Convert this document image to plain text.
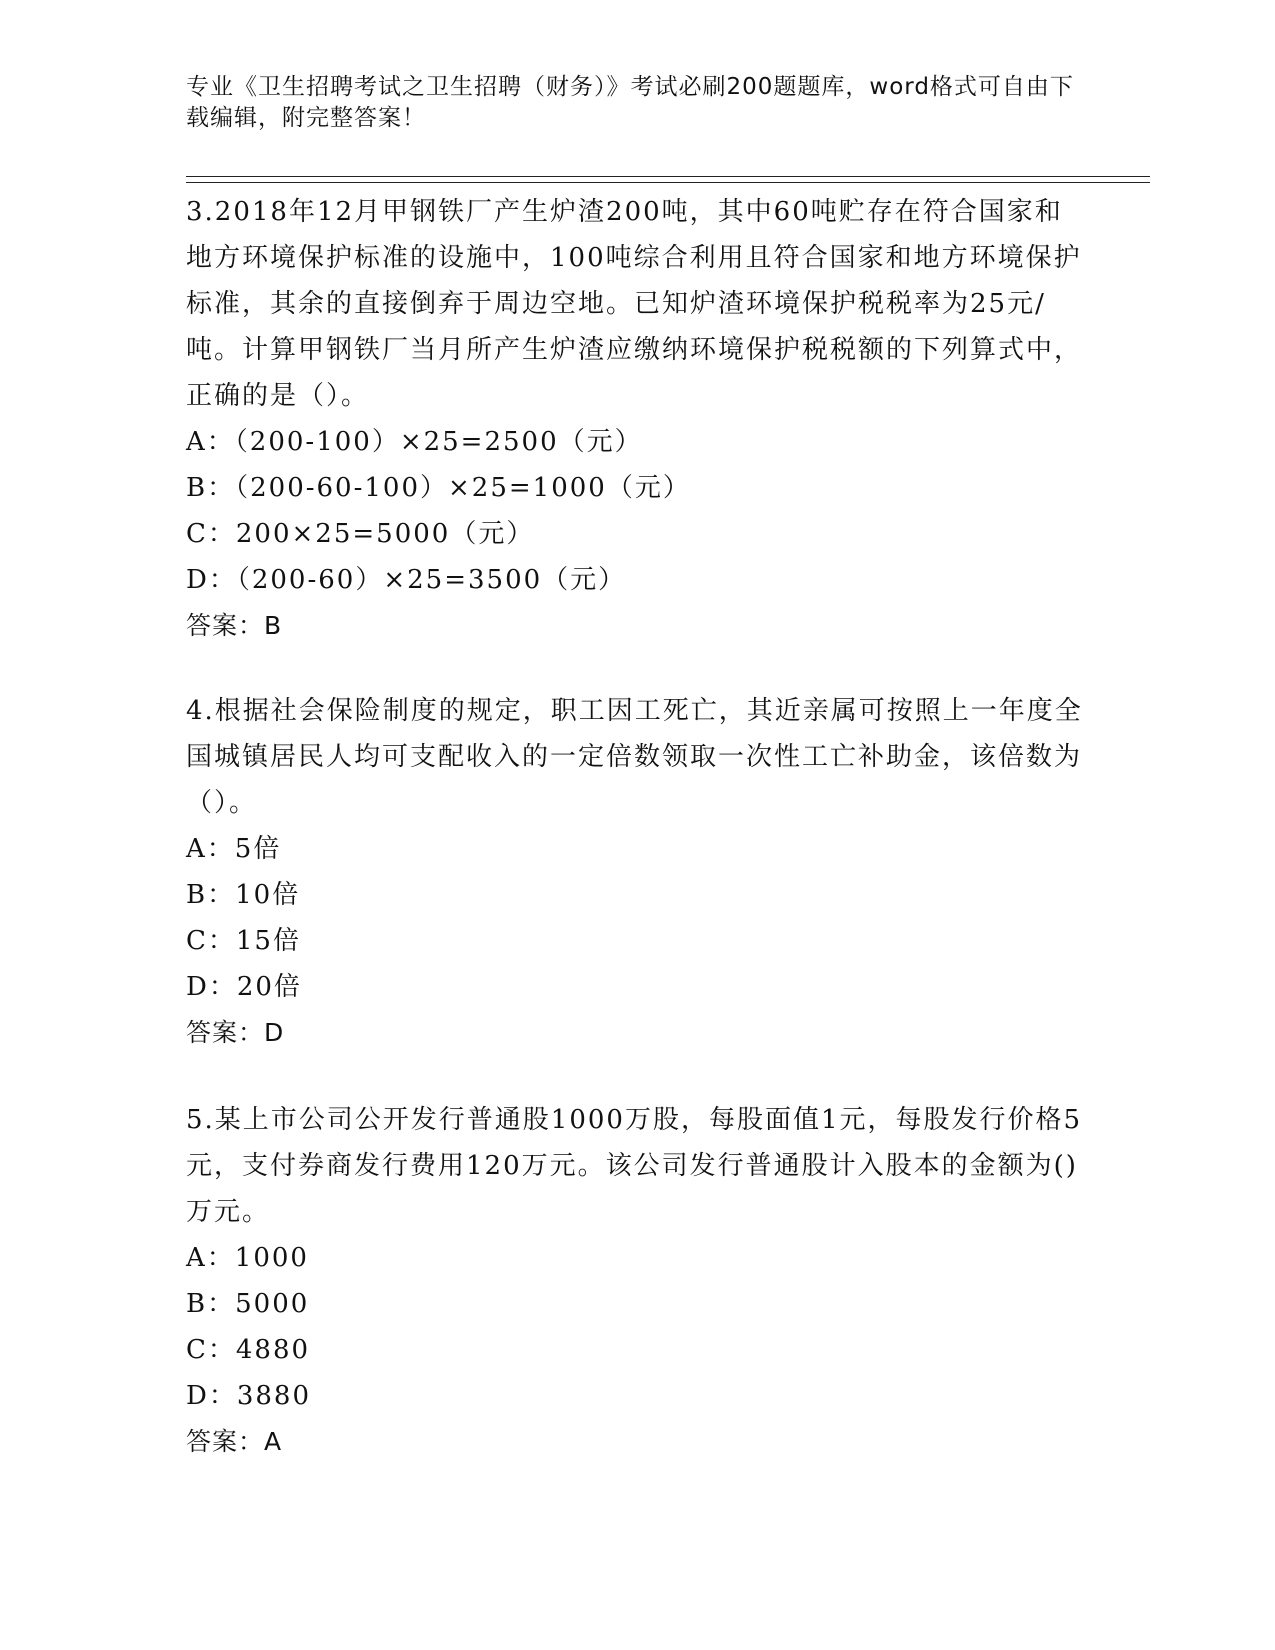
专业《卫生招聘考试之卫生招聘（财务）》考试必刷200题题库，word格式可自由下载编辑，附完整答案！

3.2018年12月甲钢铁厂产生炉渣200吨，其中60吨贮存在符合国家和地方环境保护标准的设施中，100吨综合利用且符合国家和地方环境保护标准，其余的直接倒弃于周边空地。已知炉渣环境保护税税率为25元/吨。计算甲钢铁厂当月所产生炉渣应缴纳环境保护税税额的下列算式中，正确的是（）。

A：（200-100）×25=2500（元）

B：（200-60-100）×25=1000（元）

C：200×25=5000（元）

D：（200-60）×25=3500（元）

答案：B

4.根据社会保险制度的规定，职工因工死亡，其近亲属可按照上一年度全国城镇居民人均可支配收入的一定倍数领取一次性工亡补助金，该倍数为（）。

A：5倍

B：10倍

C：15倍

D：20倍

答案：D

5.某上市公司公开发行普通股1000万股，每股面值1元，每股发行价格5元，支付券商发行费用120万元。该公司发行普通股计入股本的金额为()万元。

A：1000

B：5000

C：4880

D：3880

答案：A
